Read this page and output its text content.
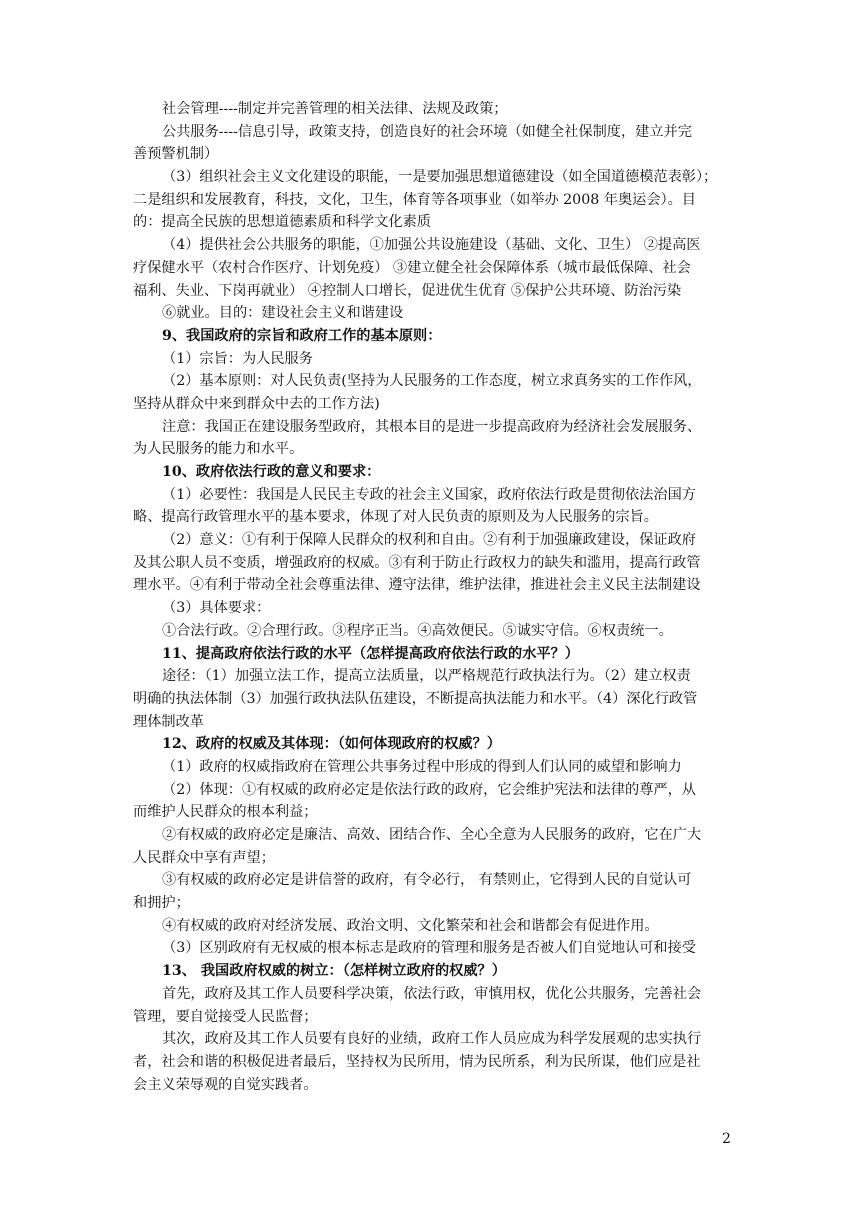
社会管理----制定并完善管理的相关法律、法规及政策；
公共服务----信息引导，政策支持，创造良好的社会环境（如健全社保制度，建立并完
善预警机制）
（3）组织社会主义文化建设的职能，一是要加强思想道德建设（如全国道德模范表彰）；
二是组织和发展教育，科技，文化，卫生，体育等各项事业（如举办 2008 年奥运会）。目
的：提高全民族的思想道德素质和科学文化素质
（4）提供社会公共服务的职能，①加强公共设施建设（基础、文化、卫生） ②提高医
疗保健水平（农村合作医疗、计划免疫） ③建立健全社会保障体系（城市最低保障、社会
福利、失业、下岗再就业） ④控制人口增长，促进优生优育 ⑤保护公共环境、防治污染
⑥就业。目的：建设社会主义和谐建设
9、我国政府的宗旨和政府工作的基本原则：
（1）宗旨：为人民服务
（2）基本原则：对人民负责(坚持为人民服务的工作态度，树立求真务实的工作作风，
坚持从群众中来到群众中去的工作方法)
注意：我国正在建设服务型政府，其根本目的是进一步提高政府为经济社会发展服务、
为人民服务的能力和水平。
10、政府依法行政的意义和要求：
（1）必要性：我国是人民民主专政的社会主义国家，政府依法行政是贯彻依法治国方
略、提高行政管理水平的基本要求，体现了对人民负责的原则及为人民服务的宗旨。
（2）意义：①有利于保障人民群众的权利和自由。②有利于加强廉政建设，保证政府
及其公职人员不变质，增强政府的权威。③有利于防止行政权力的缺失和滥用，提高行政管
理水平。④有利于带动全社会尊重法律、遵守法律，维护法律，推进社会主义民主法制建设
（3）具体要求：
①合法行政。②合理行政。③程序正当。④高效便民。⑤诚实守信。⑥权责统一。
11、提高政府依法行政的水平（怎样提高政府依法行政的水平？）
途径：（1）加强立法工作，提高立法质量，以严格规范行政执法行为。（2）建立权责
明确的执法体制（3）加强行政执法队伍建设，不断提高执法能力和水平。（4）深化行政管
理体制改革
12、政府的权威及其体现：（如何体现政府的权威？）
（1）政府的权威指政府在管理公共事务过程中形成的得到人们认同的威望和影响力
（2）体现：①有权威的政府必定是依法行政的政府，它会维护宪法和法律的尊严，从
而维护人民群众的根本利益；
②有权威的政府必定是廉洁、高效、团结合作、全心全意为人民服务的政府，它在广大
人民群众中享有声望；
③有权威的政府必定是讲信誉的政府，有令必行， 有禁则止，它得到人民的自觉认可
和拥护；
④有权威的政府对经济发展、政治文明、文化繁荣和社会和谐都会有促进作用。
（3）区别政府有无权威的根本标志是政府的管理和服务是否被人们自觉地认可和接受
13、 我国政府权威的树立：（怎样树立政府的权威？）
首先，政府及其工作人员要科学决策，依法行政，审慎用权，优化公共服务，完善社会
管理，要自觉接受人民监督；
其次，政府及其工作人员要有良好的业绩，政府工作人员应成为科学发展观的忠实执行
者，社会和谐的积极促进者最后，坚持权为民所用，情为民所系，利为民所谋，他们应是社
会主义荣辱观的自觉实践者。
2
